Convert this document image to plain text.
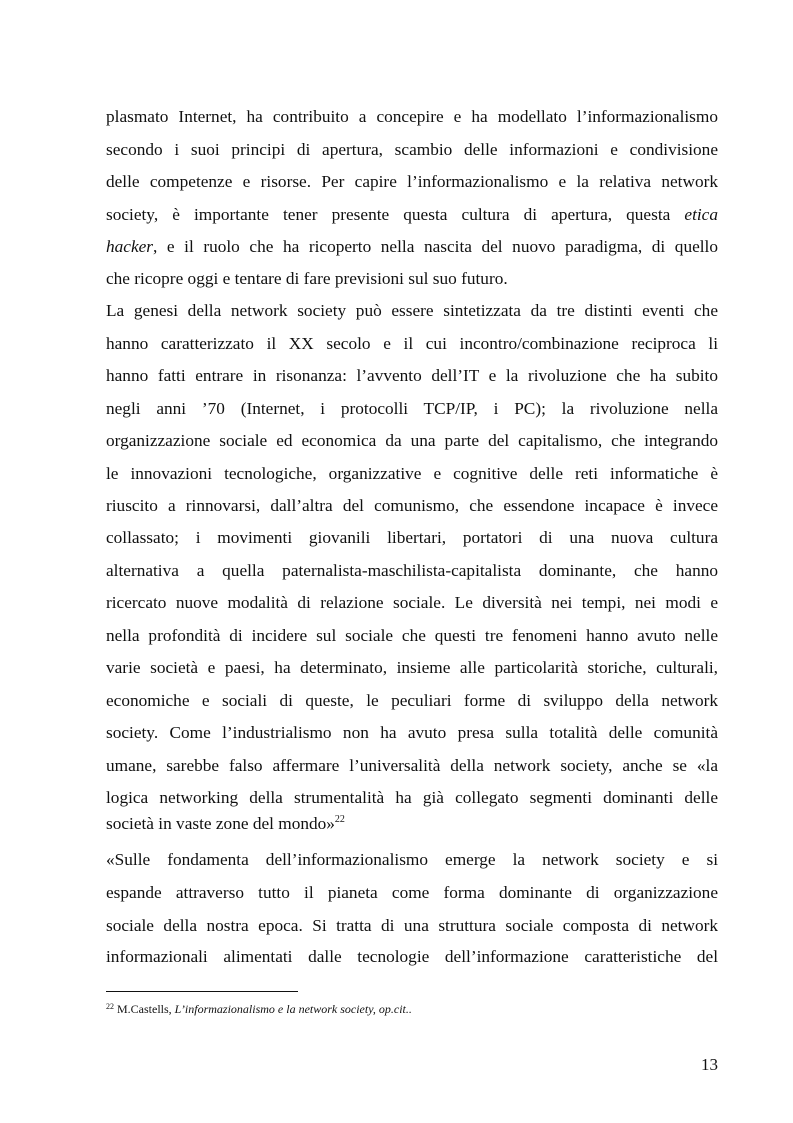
plasmato Internet, ha contribuito a concepire e ha modellato l’informazionalismo
secondo i suoi principi di apertura, scambio delle informazioni e condivisione
delle competenze e risorse. Per capire l’informazionalismo e la relativa network
society, è importante tener presente questa cultura di apertura, questa etica
hacker, e il ruolo che ha ricoperto nella nascita del nuovo paradigma, di quello
che ricopre oggi e tentare di fare previsioni sul suo futuro.
La genesi della network society può essere sintetizzata da tre distinti eventi che
hanno caratterizzato il XX secolo e il cui incontro/combinazione reciproca li
hanno fatti entrare in risonanza: l’avvento dell’IT e la rivoluzione che ha subito
negli anni ’70 (Internet, i protocolli TCP/IP, i PC); la rivoluzione nella
organizzazione sociale ed economica da una parte del capitalismo, che integrando
le innovazioni tecnologiche, organizzative e cognitive delle reti informatiche è
riuscito a rinnovarsi, dall’altra del comunismo, che essendone incapace è invece
collassato; i movimenti giovanili libertari, portatori di una nuova cultura
alternativa a quella paternalista-maschilista-capitalista dominante, che hanno
ricercato nuove modalità di relazione sociale. Le diversità nei tempi, nei modi e
nella profondità di incidere sul sociale che questi tre fenomeni hanno avuto nelle
varie società e paesi, ha determinato, insieme alle particolarità storiche, culturali,
economiche e sociali di queste, le peculiari forme di sviluppo della network
society. Come l’industrialismo non ha avuto presa sulla totalità delle comunità
umane, sarebbe falso affermare l’universalità della network society, anche se «la
logica networking della strumentalità ha già collegato segmenti dominanti delle
società in vaste zone del mondo»$^{22}$
«Sulle fondamenta dell’informazionalismo emerge la network society e si
espande attraverso tutto il pianeta come forma dominante di organizzazione
sociale della nostra epoca. Si tratta di una struttura sociale composta di network
informazionali alimentati dalle tecnologie dell’informazione caratteristiche del
$^{22}$ M.Castells, L’informazionalismo e la network society, op.cit..
13
